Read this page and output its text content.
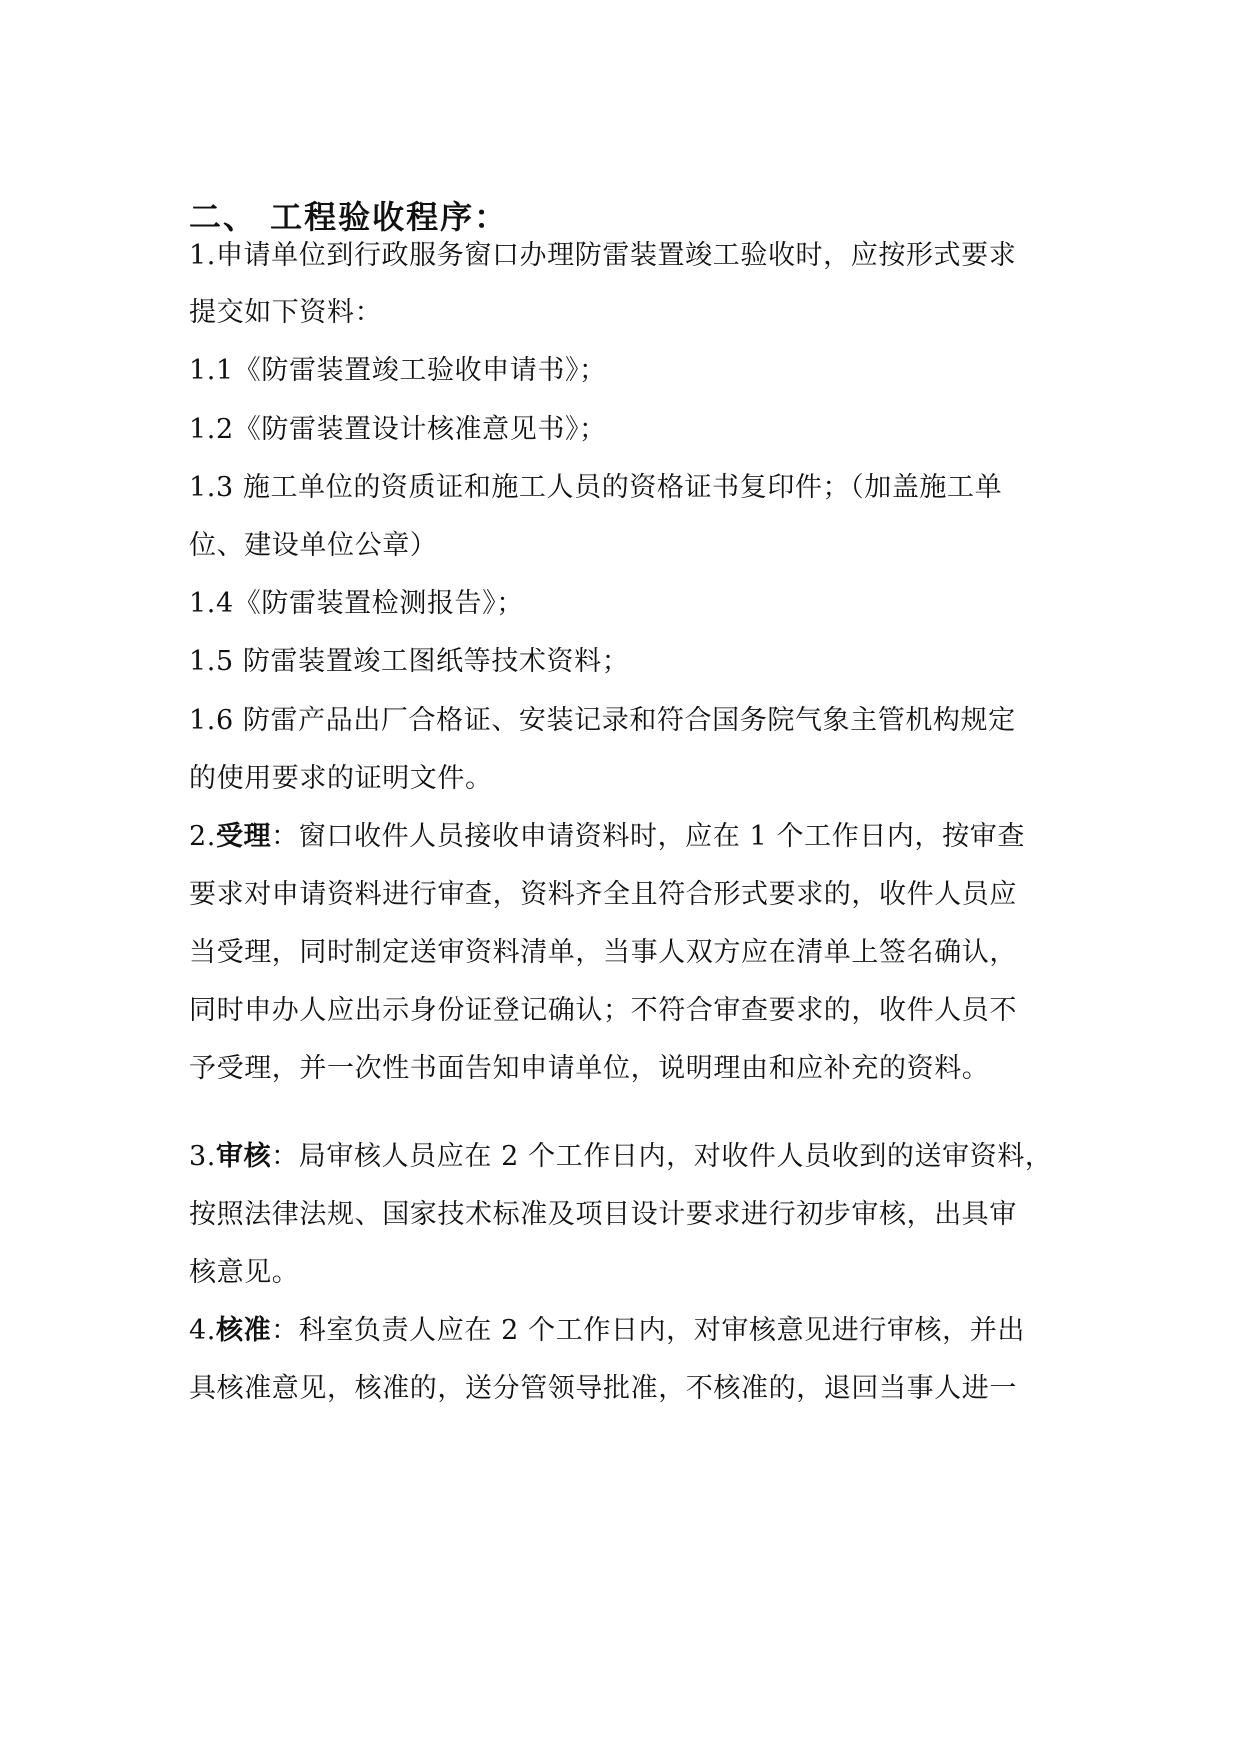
二、 工程验收程序：
1.申请单位到行政服务窗口办理防雷装置竣工验收时，应按形式要求
提交如下资料：
1.1《防雷装置竣工验收申请书》；
1.2《防雷装置设计核准意见书》；
1.3 施工单位的资质证和施工人员的资格证书复印件；（加盖施工单
位、建设单位公章）
1.4《防雷装置检测报告》；
1.5 防雷装置竣工图纸等技术资料；
1.6 防雷产品出厂合格证、安装记录和符合国务院气象主管机构规定
的使用要求的证明文件。
2.受理：窗口收件人员接收申请资料时，应在 1 个工作日内，按审查
要求对申请资料进行审查，资料齐全且符合形式要求的，收件人员应
当受理，同时制定送审资料清单，当事人双方应在清单上签名确认，
同时申办人应出示身份证登记确认；不符合审查要求的，收件人员不
予受理，并一次性书面告知申请单位，说明理由和应补充的资料。
3.审核：局审核人员应在 2 个工作日内，对收件人员收到的送审资料，
按照法律法规、国家技术标准及项目设计要求进行初步审核，出具审
核意见。
4.核准：科室负责人应在 2 个工作日内，对审核意见进行审核，并出
具核准意见，核准的，送分管领导批准，不核准的，退回当事人进一
